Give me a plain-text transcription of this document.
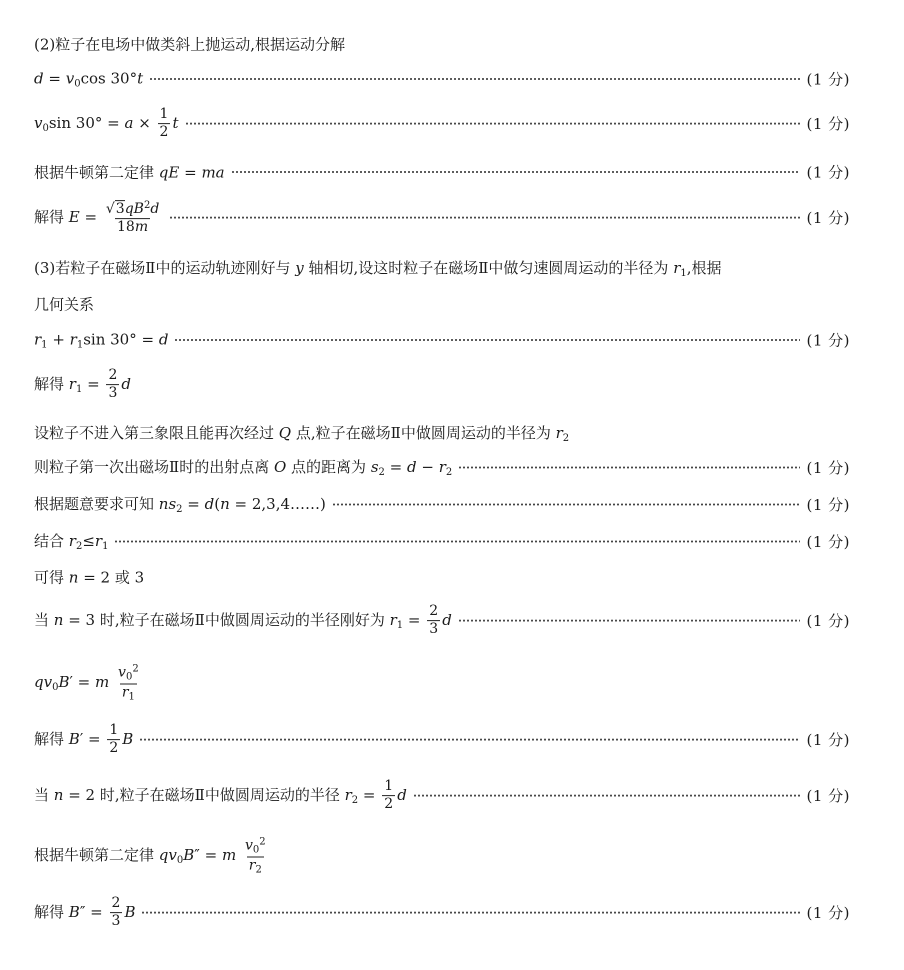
(2)粒子在电场中做类斜上抛运动,根据运动分解
$d = v_0\cos$ 30°t	(1 分)
$v_0\sin$ $30^\circ = a \times \frac{1}{2}$ t	(1 分)
根据牛顿第二定律 qE = ma	(1 分)
解得 $E = \frac{√3qB^2d}{18m}$	(1 分)
(3)若粒子在磁场Ⅱ中的运动轨迹刚好与 y 轴相切,设这时粒子在磁场Ⅱ中做匀速圆周运动的半径为 $r_1$,根据
几何关系
$r_1 + r_1\sin$ 30° = d	(1 分)
解得 $r_1 = \frac{2}{3}$ d
设粒子不进入第三象限且能再次经过 Q 点,粒子在磁场Ⅱ中做圆周运动的半径为 $r_2$
则粒子第一次出磁场Ⅱ时的出射点离 O 点的距离为 $s_2 = d - r_2$	(1 分)
根据题意要求可知 $ns_2 = d(n$ = 2,3,4……)	(1 分)
结合 $r_2\le r_1$	(1 分)
可得 n = 2 或 3
当 n = 3 时,粒子在磁场Ⅱ中做圆周运动的半径刚好为 $r_1 = \frac{2}{3}$ d	(1 分)
$qv_0B' = m \frac{v_0^2}{r_1}$
解得 $B' = \frac{1}{2}$ B	(1 分)
当 n = 2 时,粒子在磁场Ⅱ中做圆周运动的半径 $r_2 = \frac{1}{2}$ d	(1 分)
根据牛顿第二定律 $qv_0B'' = m \frac{v_0^2}{r_2}$
解得 $B'' = \frac{2}{3}$ B	(1 分)
